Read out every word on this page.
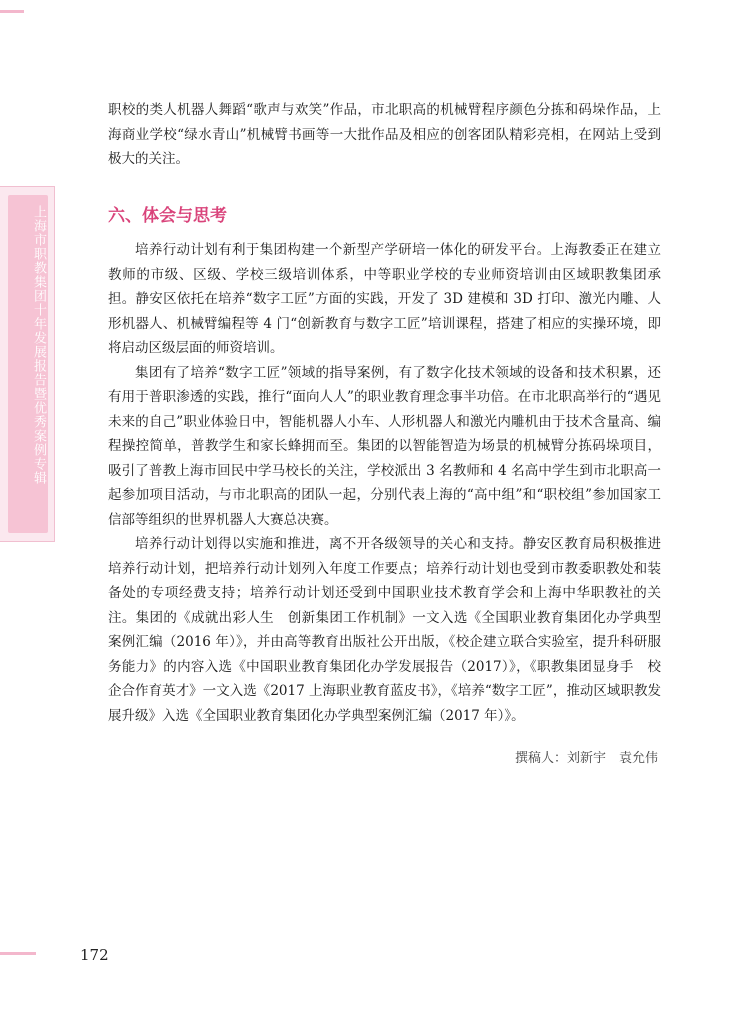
上海市职教集团十年发展报告暨优秀案例专辑

职校的类人机器人舞蹈“歌声与欢笑”作品，市北职高的机械臂程序颜色分拣和码垛作品，上海商业学校“绿水青山”机械臂书画等一大批作品及相应的创客团队精彩亮相，在网站上受到极大的关注。

六、体会与思考

培养行动计划有利于集团构建一个新型产学研培一体化的研发平台。上海教委正在建立教师的市级、区级、学校三级培训体系，中等职业学校的专业师资培训由区域职教集团承担。静安区依托在培养“数字工匠”方面的实践，开发了 3D 建模和 3D 打印、激光内雕、人形机器人、机械臂编程等 4 门“创新教育与数字工匠”培训课程，搭建了相应的实操环境，即将启动区级层面的师资培训。

集团有了培养“数字工匠”领域的指导案例，有了数字化技术领域的设备和技术积累，还有用于普职渗透的实践，推行“面向人人”的职业教育理念事半功倍。在市北职高举行的“遇见未来的自己”职业体验日中，智能机器人小车、人形机器人和激光内雕机由于技术含量高、编程操控简单，普教学生和家长蜂拥而至。集团的以智能智造为场景的机械臂分拣码垛项目，吸引了普教上海市回民中学马校长的关注，学校派出 3 名教师和 4 名高中学生到市北职高一起参加项目活动，与市北职高的团队一起，分别代表上海的“高中组”和“职校组”参加国家工信部等组织的世界机器人大赛总决赛。

培养行动计划得以实施和推进，离不开各级领导的关心和支持。静安区教育局积极推进培养行动计划，把培养行动计划列入年度工作要点；培养行动计划也受到市教委职教处和装备处的专项经费支持；培养行动计划还受到中国职业技术教育学会和上海中华职教社的关注。集团的《成就出彩人生　创新集团工作机制》一文入选《全国职业教育集团化办学典型案例汇编（2016 年）》，并由高等教育出版社公开出版，《校企建立联合实验室，提升科研服务能力》的内容入选《中国职业教育集团化办学发展报告（2017）》，《职教集团显身手　校企合作育英才》一文入选《2017 上海职业教育蓝皮书》，《培养“数字工匠”，推动区域职教发展升级》入选《全国职业教育集团化办学典型案例汇编（2017 年）》。

撰稿人：刘新宇　袁允伟
172
